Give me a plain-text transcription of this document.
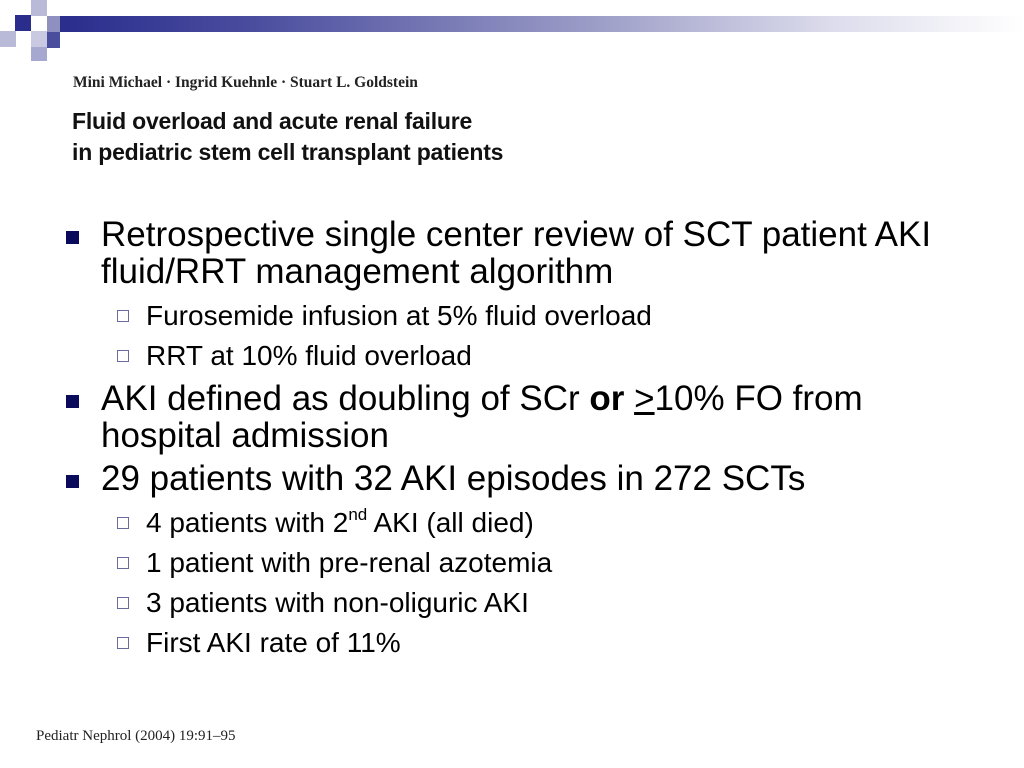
Mini Michael · Ingrid Kuehnle · Stuart L. Goldstein
Fluid overload and acute renal failure
in pediatric stem cell transplant patients
Retrospective single center review of SCT patient AKI fluid/RRT management algorithm
Furosemide infusion at 5% fluid overload
RRT at 10% fluid overload
AKI defined as doubling of SCr or >10% FO from hospital admission
29 patients with 32 AKI episodes in 272 SCTs
4 patients with 2nd AKI (all died)
1 patient with pre-renal azotemia
3 patients with non-oliguric AKI
First AKI rate of 11%
Pediatr Nephrol (2004) 19:91–95
